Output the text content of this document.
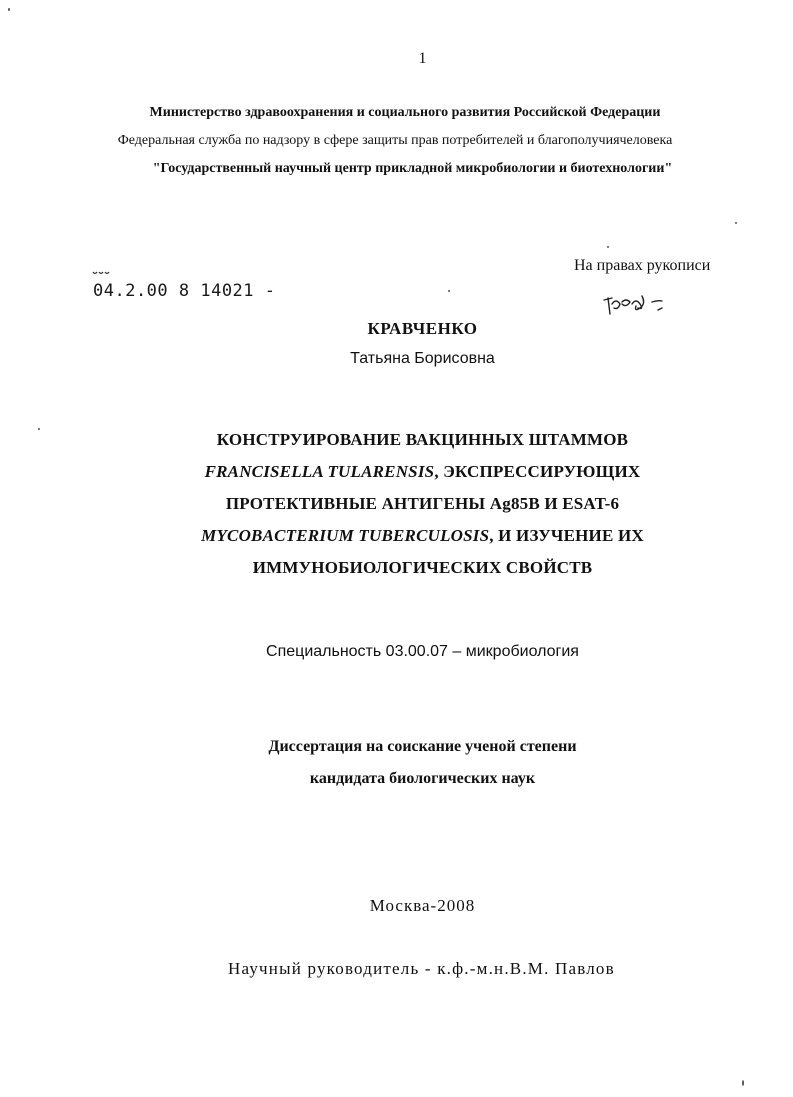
1
Министерство здравоохранения и социального развития Российской Федерации
Федеральная служба по надзору в сфере защиты прав потребителей и благополучиячеловека
"Государственный научный центр прикладной микробиологии и биотехнологии"
На правах рукописи
04.2.00 8 14021 -
КРАВЧЕНКО
Татьяна Борисовна
КОНСТРУИРОВАНИЕ ВАКЦИННЫХ ШТАММОВ
FRANCISELLA TULARENSIS, ЭКСПРЕССИРУЮЩИХ
ПРОТЕКТИВНЫЕ АНТИГЕНЫ Ag85B И ESAT-6
MYCOBACTERIUM TUBERCULOSIS, И ИЗУЧЕНИЕ ИХ
ИММУНОБИОЛОГИЧЕСКИХ СВОЙСТВ
Специальность 03.00.07 – микробиология
Диссертация на соискание ученой степени
кандидата биологических наук
Москва-2008
Научный руководитель - к.ф.-м.н.В.М. Павлов
